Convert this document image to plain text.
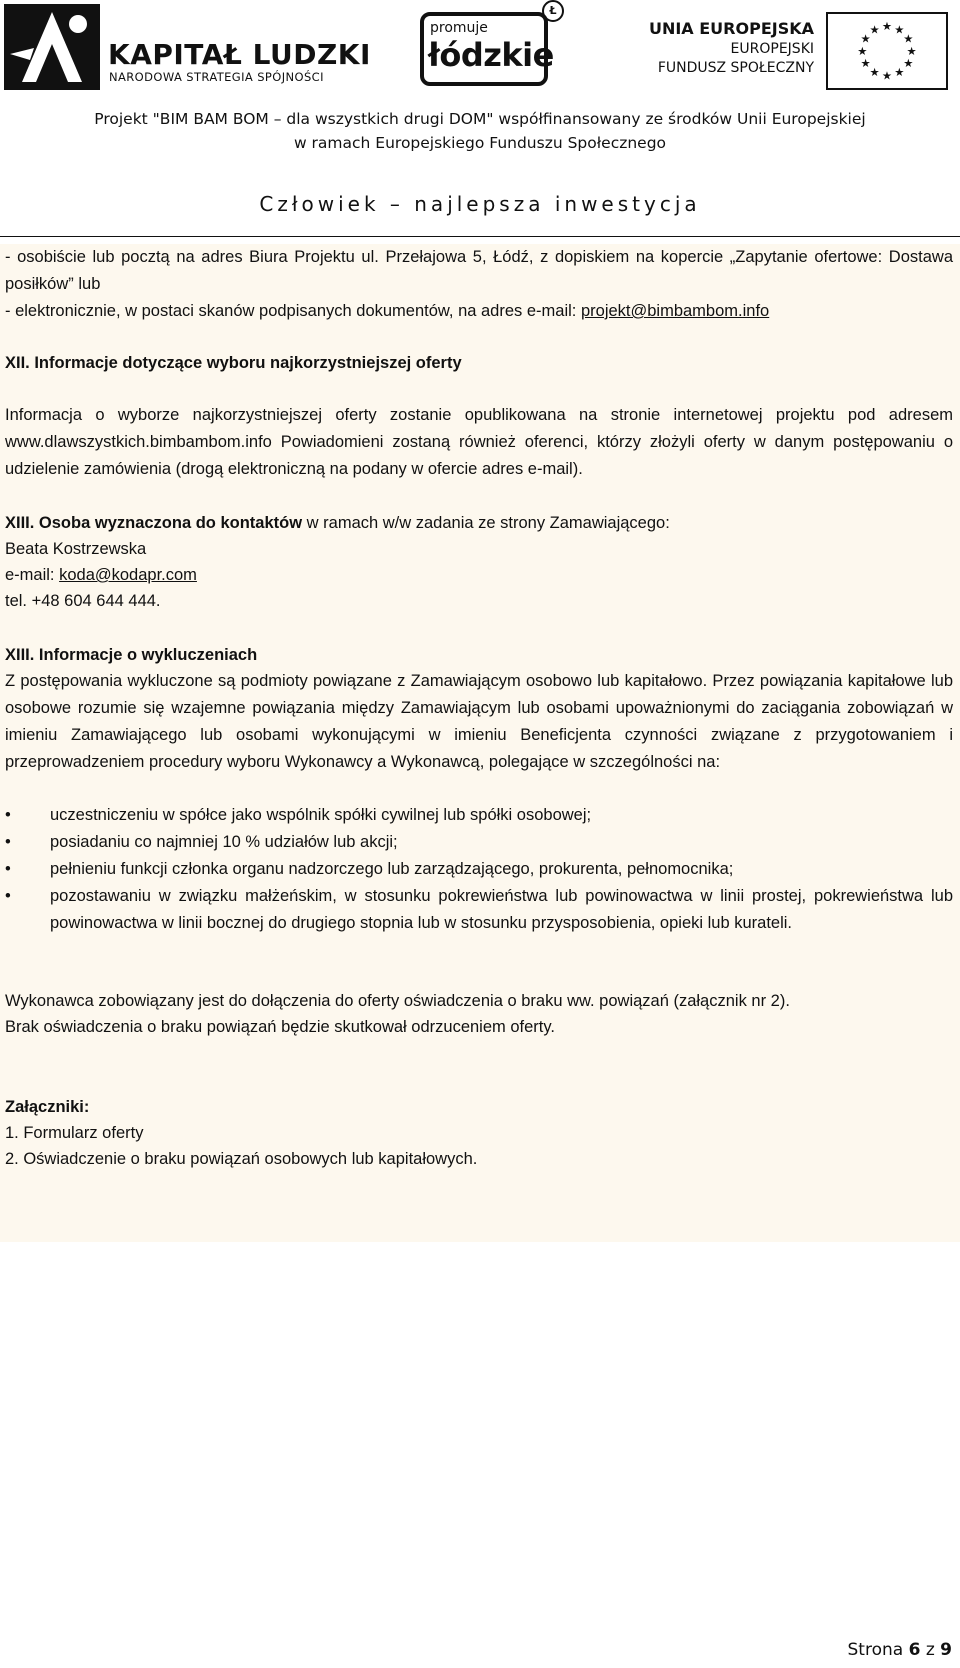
KAPITAŁ LUDZKI
NARODOWA STRATEGIA SPÓJNOŚCI
promuje
łódzkie
Ł
UNIA EUROPEJSKA
EUROPEJSKI
FUNDUSZ SPOŁECZNY
★ ★
★
★
★
★
★
★
★
★
★
★
Projekt "BIM BAM BOM – dla wszystkich drugi DOM" współfinansowany ze środków Unii Europejskiej
w ramach Europejskiego Funduszu Społecznego
Człowiek – najlepsza inwestycja

- osobiście lub pocztą na adres Biura Projektu ul. Przełajowa 5, Łódź, z dopiskiem na kopercie „Zapytanie ofertowe: Dostawa posiłków” lub

- elektronicznie, w postaci skanów podpisanych dokumentów, na adres e-mail: projekt@bimbambom.info

XII. Informacje dotyczące wyboru najkorzystniejszej oferty

Informacja o wyborze najkorzystniejszej oferty zostanie opublikowana na stronie internetowej projektu pod adresem www.dlawszystkich.bimbambom.info Powiadomieni zostaną również oferenci, którzy złożyli oferty w danym postępowaniu o udzielenie zamówienia (drogą elektroniczną na podany w ofercie adres e-mail).

XIII. Osoba wyznaczona do kontaktów w ramach w/w zadania ze strony Zamawiającego:

Beata Kostrzewska

e-mail: koda@kodapr.com

tel. +48 604 644 444.

XIII. Informacje o wykluczeniach

Z postępowania wykluczone są podmioty powiązane z Zamawiającym osobowo lub kapitałowo. Przez powiązania kapitałowe lub osobowe rozumie się wzajemne powiązania między Zamawiającym lub osobami upoważnionymi do zaciągania zobowiązań w imieniu Zamawiającego lub osobami wykonującymi w imieniu Beneficjenta czynności związane z przygotowaniem i przeprowadzeniem procedury wyboru Wykonawcy a Wykonawcą, polegające w szczególności na:

• uczestniczeniu w spółce jako wspólnik spółki cywilnej lub spółki osobowej;
• posiadaniu co najmniej 10 % udziałów lub akcji;
• pełnieniu funkcji członka organu nadzorczego lub zarządzającego, prokurenta, pełnomocnika;
• pozostawaniu w związku małżeńskim, w stosunku pokrewieństwa lub powinowactwa w linii prostej, pokrewieństwa lub powinowactwa w linii bocznej do drugiego stopnia lub w stosunku przysposobienia, opieki lub kurateli.

Wykonawca zobowiązany jest do dołączenia do oferty oświadczenia o braku ww. powiązań (załącznik nr 2).

Brak oświadczenia o braku powiązań będzie skutkował odrzuceniem oferty.

Załączniki:

1. Formularz oferty

2. Oświadczenie o braku powiązań osobowych lub kapitałowych.

Strona 6 z 9
